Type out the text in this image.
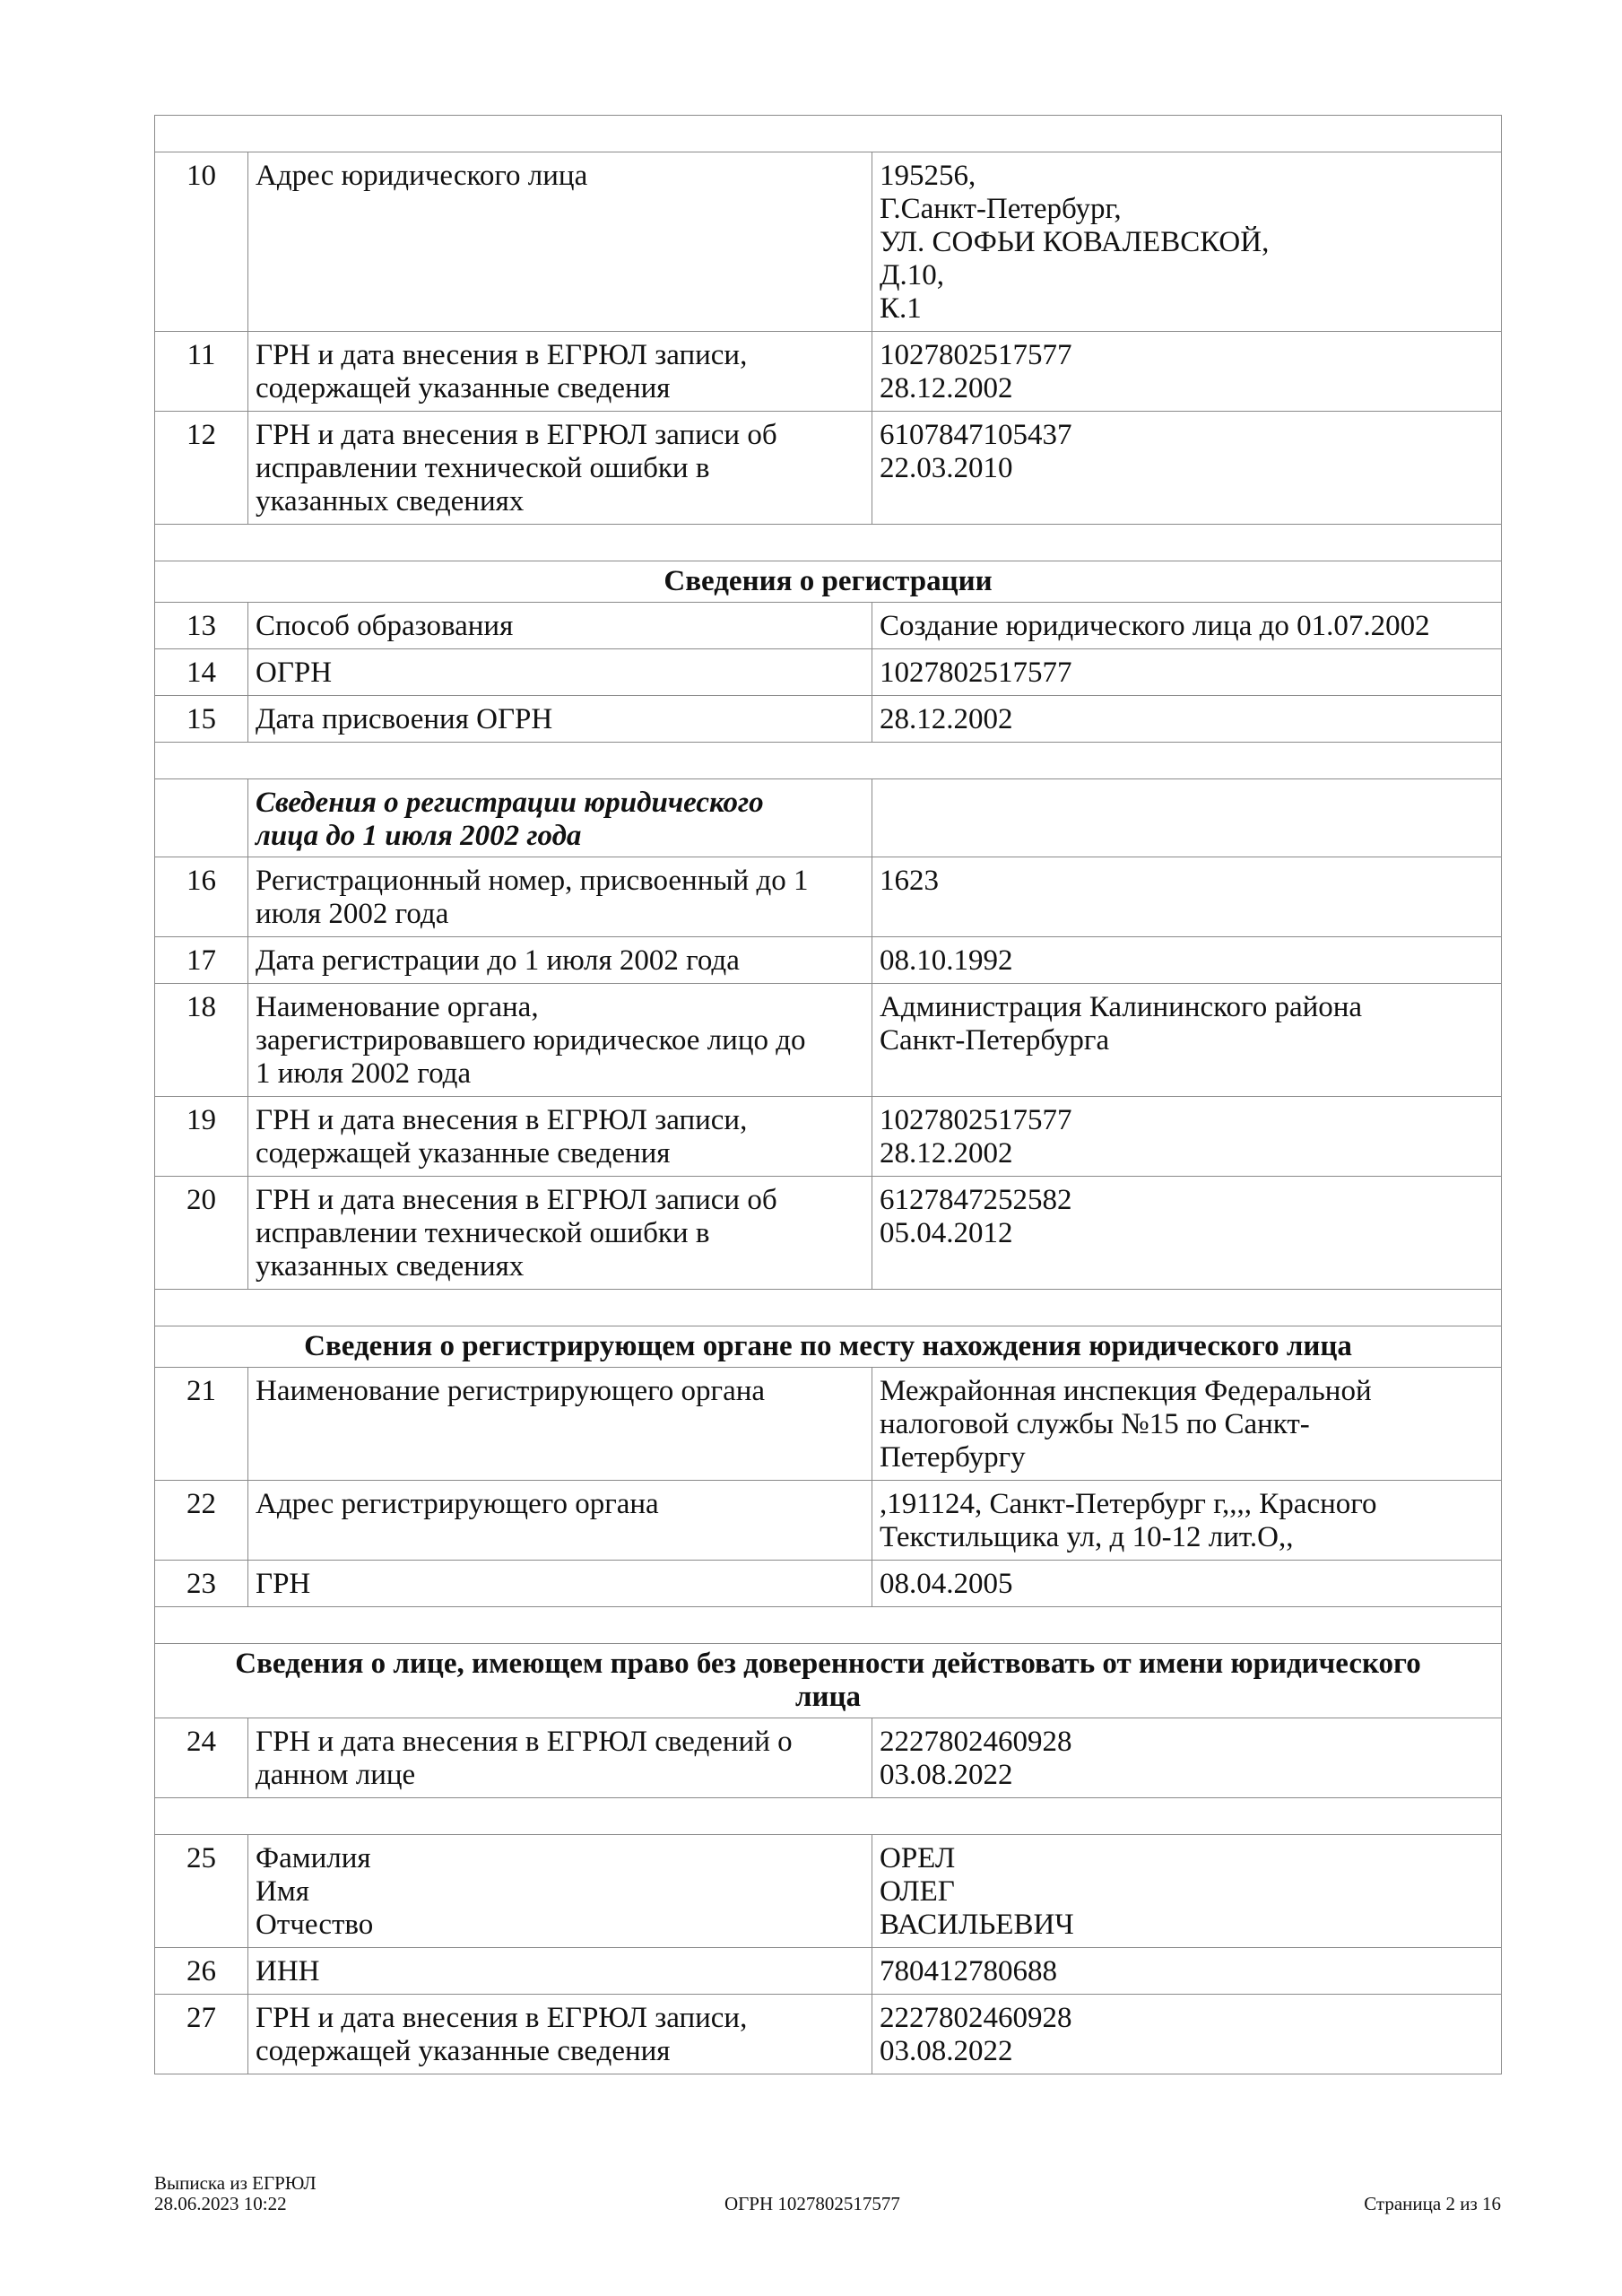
10	Адрес юридического лица	195256,
Г.Санкт-Петербург,
УЛ. СОФЬИ КОВАЛЕВСКОЙ,
Д.10,
К.1
11	ГРН и дата внесения в ЕГРЮЛ записи,
содержащей указанные сведения	1027802517577
28.12.2002
12	ГРН и дата внесения в ЕГРЮЛ записи об
исправлении технической ошибки в
указанных сведениях	6107847105437
22.03.2010

Сведения о регистрации		
13	Способ образования	Создание юридического лица до 01.07.2002
14	ОГРН	1027802517577
15	Дата присвоения ОГРН	28.12.2002

	Сведения о регистрации юридического
лица до 1 июля 2002 года	
16	Регистрационный номер, присвоенный до 1
июля 2002 года	1623
17	Дата регистрации до 1 июля 2002 года	08.10.1992
18	Наименование органа,
зарегистрировавшего юридическое лицо до
1 июля 2002 года	Администрация Калининского района
Санкт-Петербурга
19	ГРН и дата внесения в ЕГРЮЛ записи,
содержащей указанные сведения	1027802517577
28.12.2002
20	ГРН и дата внесения в ЕГРЮЛ записи об
исправлении технической ошибки в
указанных сведениях	6127847252582
05.04.2012

Сведения о регистрирующем органе по месту нахождения юридического лица		
21	Наименование регистрирующего органа	Межрайонная инспекция Федеральной
налоговой службы №15 по Санкт-
Петербургу
22	Адрес регистрирующего органа	,191124, Санкт-Петербург г,,,, Красного
Текстильщика ул, д 10-12 лит.О,,
23	ГРН	08.04.2005

Сведения о лице, имеющем право без доверенности действовать от имени юридического
лица		
24	ГРН и дата внесения в ЕГРЮЛ сведений о
данном лице	2227802460928
03.08.2022

25	Фамилия
Имя
Отчество	ОРЕЛ
ОЛЕГ
ВАСИЛЬЕВИЧ
26	ИНН	780412780688
27	ГРН и дата внесения в ЕГРЮЛ записи,
содержащей указанные сведения	2227802460928
03.08.2022
Выписка из ЕГРЮЛ
28.06.2023 10:22	ОГРН 1027802517577	Страница 2 из 16
